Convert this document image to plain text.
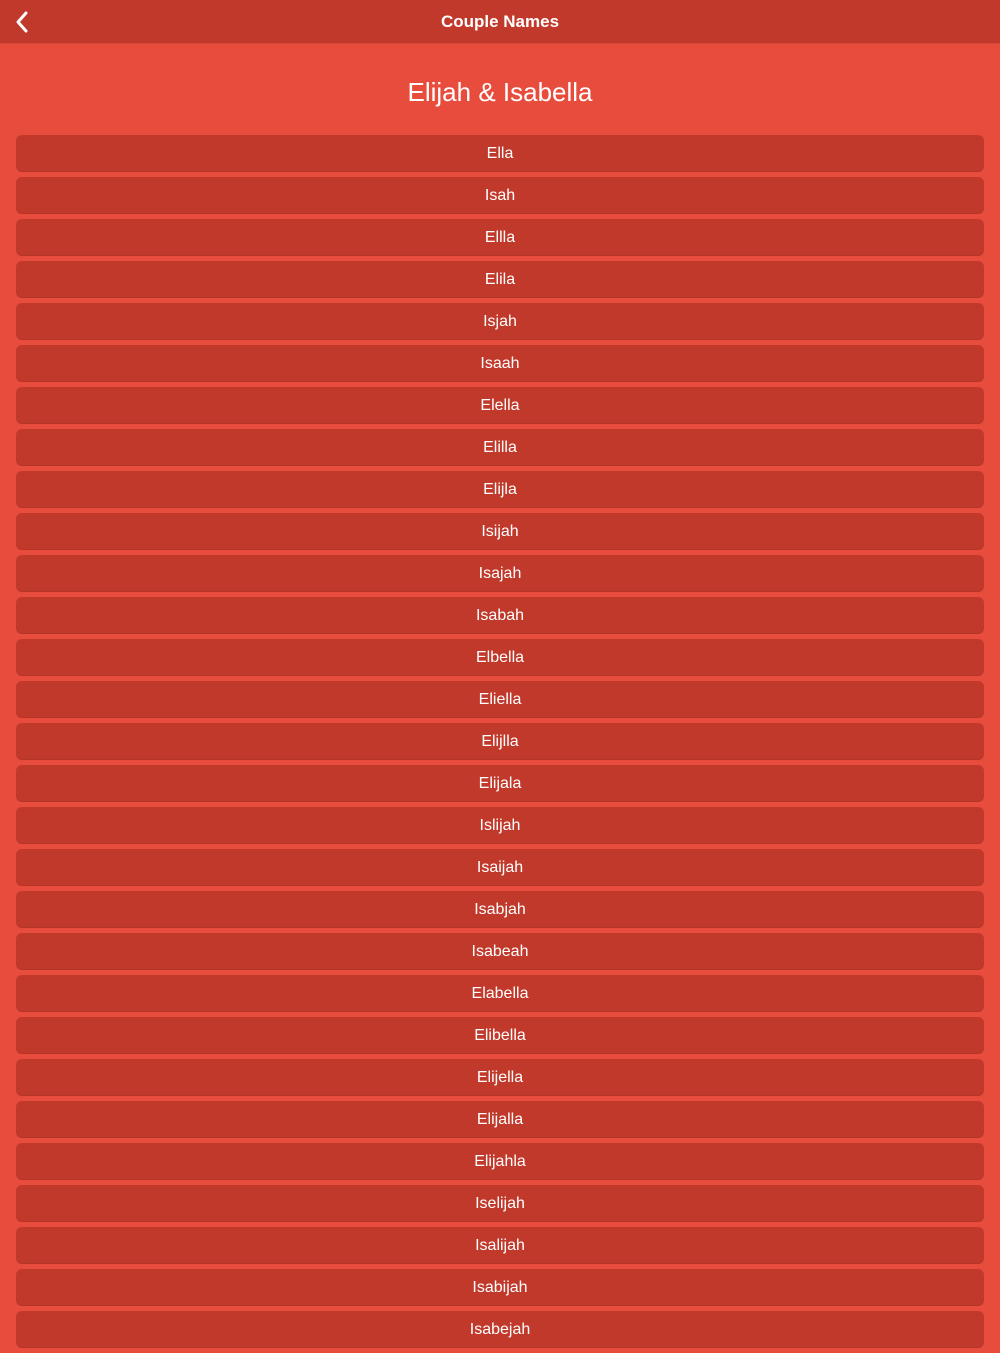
Couple Names
Elijah & Isabella
Ella
Isah
Ellla
Elila
Isjah
Isaah
Elella
Elilla
Elijla
Isijah
Isajah
Isabah
Elbella
Eliella
Elijlla
Elijala
Islijah
Isaijah
Isabjah
Isabeah
Elabella
Elibella
Elijella
Elijalla
Elijahla
Iselijah
Isalijah
Isabijah
Isabejah
